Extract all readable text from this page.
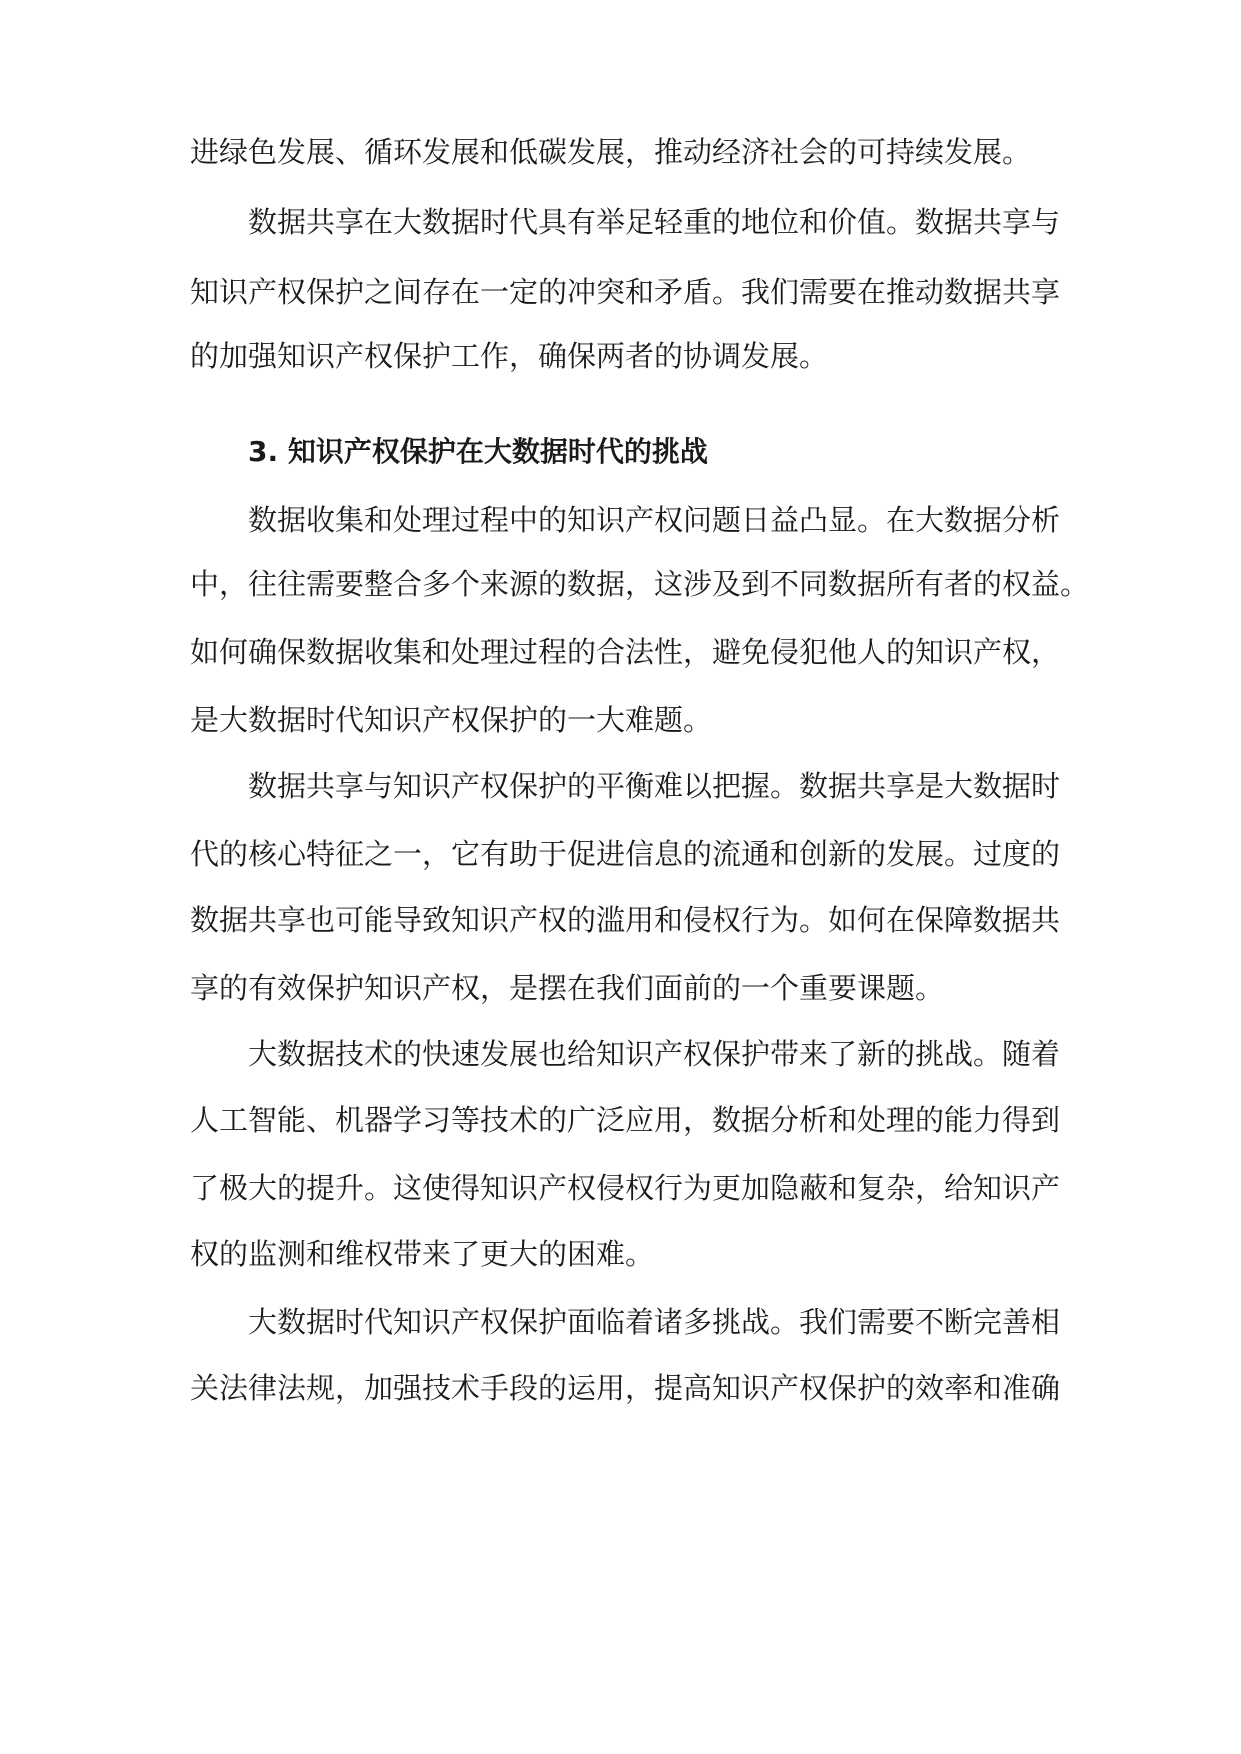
进绿色发展、循环发展和低碳发展，推动经济社会的可持续发展。
数据共享在大数据时代具有举足轻重的地位和价值。数据共享与
知识产权保护之间存在一定的冲突和矛盾。我们需要在推动数据共享
的加强知识产权保护工作，确保两者的协调发展。
3. 知识产权保护在大数据时代的挑战
数据收集和处理过程中的知识产权问题日益凸显。在大数据分析
中，往往需要整合多个来源的数据，这涉及到不同数据所有者的权益。
如何确保数据收集和处理过程的合法性，避免侵犯他人的知识产权，
是大数据时代知识产权保护的一大难题。
数据共享与知识产权保护的平衡难以把握。数据共享是大数据时
代的核心特征之一，它有助于促进信息的流通和创新的发展。过度的
数据共享也可能导致知识产权的滥用和侵权行为。如何在保障数据共
享的有效保护知识产权，是摆在我们面前的一个重要课题。
大数据技术的快速发展也给知识产权保护带来了新的挑战。随着
人工智能、机器学习等技术的广泛应用，数据分析和处理的能力得到
了极大的提升。这使得知识产权侵权行为更加隐蔽和复杂，给知识产
权的监测和维权带来了更大的困难。
大数据时代知识产权保护面临着诸多挑战。我们需要不断完善相
关法律法规，加强技术手段的运用，提高知识产权保护的效率和准确
